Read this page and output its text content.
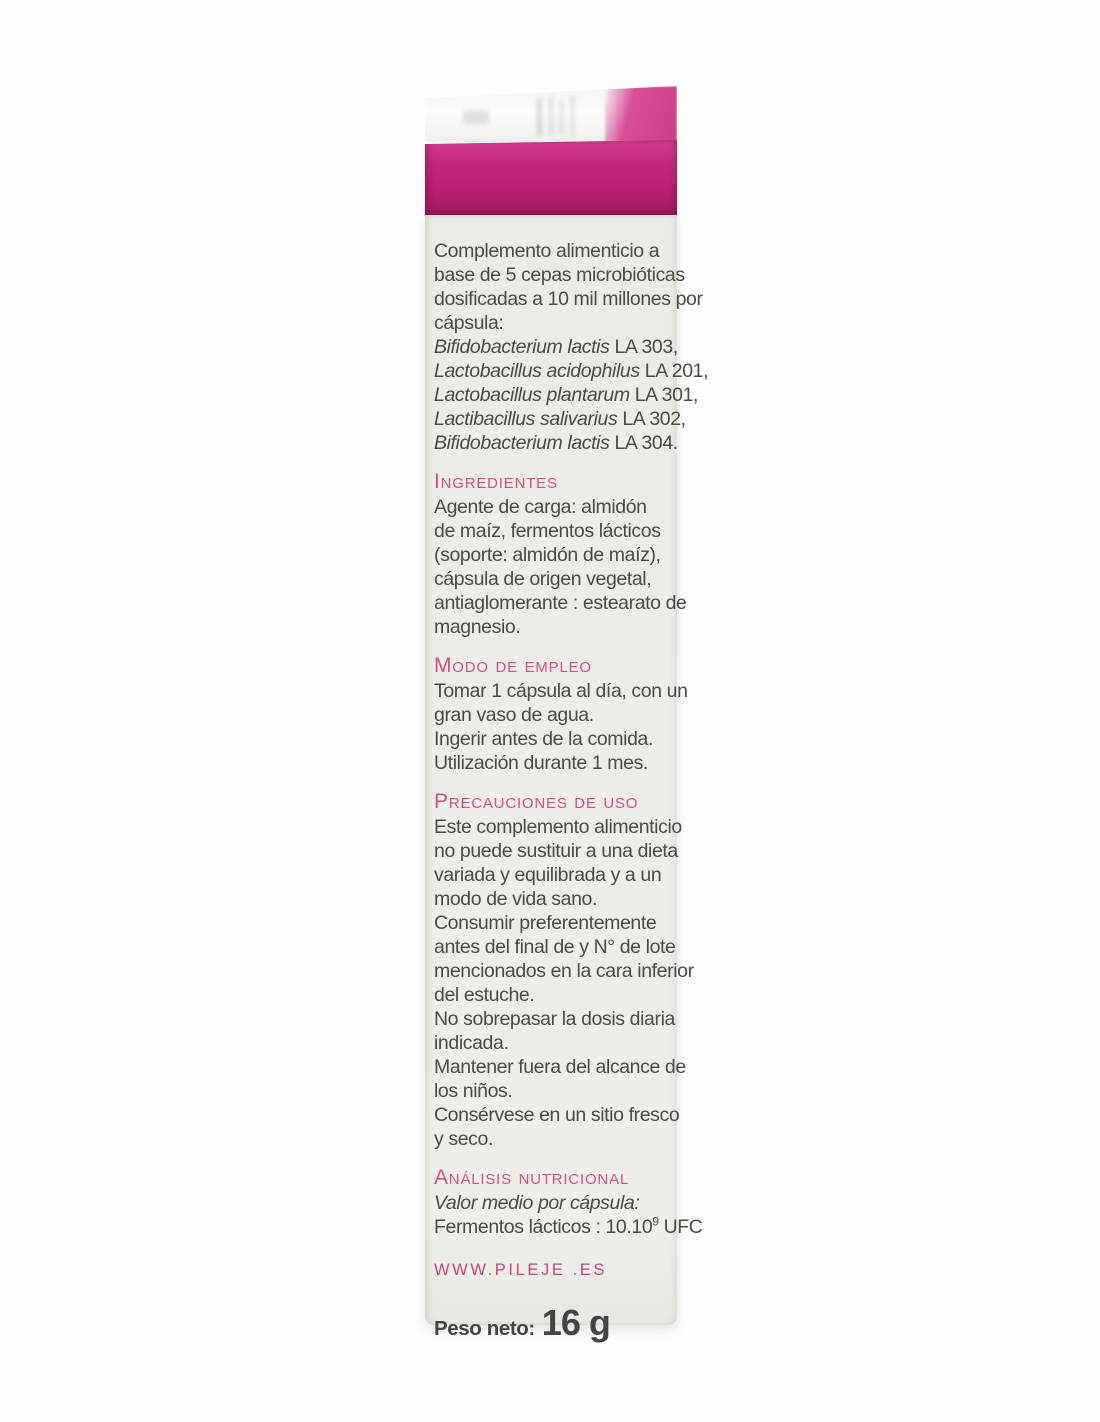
Complemento alimenticio a
base de 5 cepas microbióticas
dosificadas a 10 mil millones por
cápsula:
Bifidobacterium lactis LA 303,
Lactobacillus acidophilus LA 201,
Lactobacillus plantarum LA 301,
Lactibacillus salivarius LA 302,
Bifidobacterium lactis LA 304.
Ingredientes
Agente de carga: almidón
de maíz, fermentos lácticos
(soporte: almidón de maíz),
cápsula de origen vegetal,
antiaglomerante : estearato de
magnesio.
Modo de empleo
Tomar 1 cápsula al día, con un
gran vaso de agua.
Ingerir antes de la comida.
Utilización durante 1 mes.
Precauciones de uso
Este complemento alimenticio
no puede sustituir a una dieta
variada y equilibrada y a un
modo de vida sano.
Consumir preferentemente
antes del final de y N° de lote
mencionados en la cara inferior
del estuche.
No sobrepasar la dosis diaria
indicada.
Mantener fuera del alcance de
los niños.
Consérvese en un sitio fresco
y seco.
Análisis nutricional
Valor medio por cápsula:
Fermentos lácticos : 10.10$^9$ UFC
WWW.PILEJE .ES
Peso neto: 16 g
